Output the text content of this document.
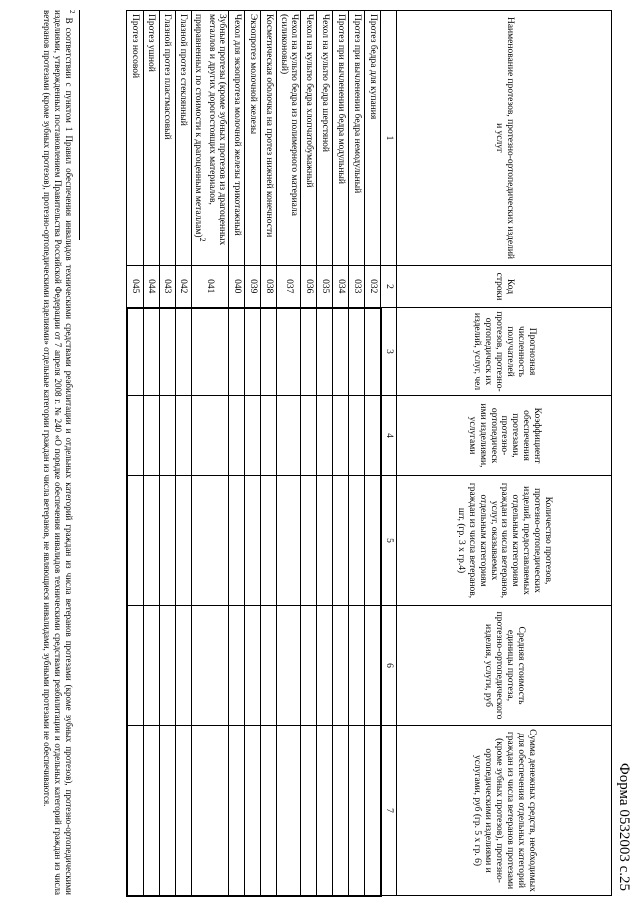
Форма 0532003 с.25
Наименование протезов, протезно-ортопедических изделий и услуг	Код строки	Прогнозная численность получателей протезов, протезно-ортопедическ их изделий, услуг, чел	Коэффициент обеспечения протезами, протезно-ортопедическ ими изделиями, услугами	Количество протезов, протезно-ортопедических изделий, предоставляемых отдельным категориям граждан из числа ветеранов, услуг, оказываемых отдельным категориям граждан из числа ветеранов, шт, (гр. 3 х гр.4)	Средняя стоимость единицы протеза, протезно-ортопедического изделия, услуги, руб	Сумма денежных средств, необходимых для обеспечения отдельных категорий граждан из числа ветеранов протезами (кроме зубных протезов), протезно-ортопедическими изделиями и услугами, руб (гр. 5 х гр. 6)
1	2	3	4	5	6	7
Протез бедра для купания	032					
Протез при вычленении бедра немодульный	033					
Протез при вычленении бедра модульный	034					
Чехол на культю бедра шерстяной	035					
Чехол на культю бедра хлопчатобумажный	036					
Чехол на культю бедра из полимерного материала (силиконовый)	037					
Косметическая оболочка на протез нижней конечности	038					
Экзопротез молочной железы	039					
Чехол для экзопротеза молочной железы трикотажный	040					
Зубные протезы (кроме зубных протезов из драгоценных металлов и других дорогостоящих материалов, приравненных по стоимости к драгоценным металлам)$^2$	041					
Глазной протез стеклянный	042					
Глазной протез пластмассовый	043					
Протез ушной	044					
Протез носовой	045					
$^2$ В соответствии с пунктом 1 Правил обеспечения инвалидов техническими средствами реабилитации и отдельных категорий граждан из числа ветеранов протезами (кроме зубных протезов), протезно-ортопедическими изделиями, утвержденных постановлением Правительства Российской Федерации от 7 апреля 2008 г. № 240 «О порядке обеспечения инвалидов техническими средствами реабилитации и отдельных категорий граждан из числа ветеранов протезами (кроме зубных протезов), протезно-ортопедическими изделиями» отдельные категории граждан из числа ветеранов, не являющиеся инвалидами, зубными протезами не обеспечиваются.
